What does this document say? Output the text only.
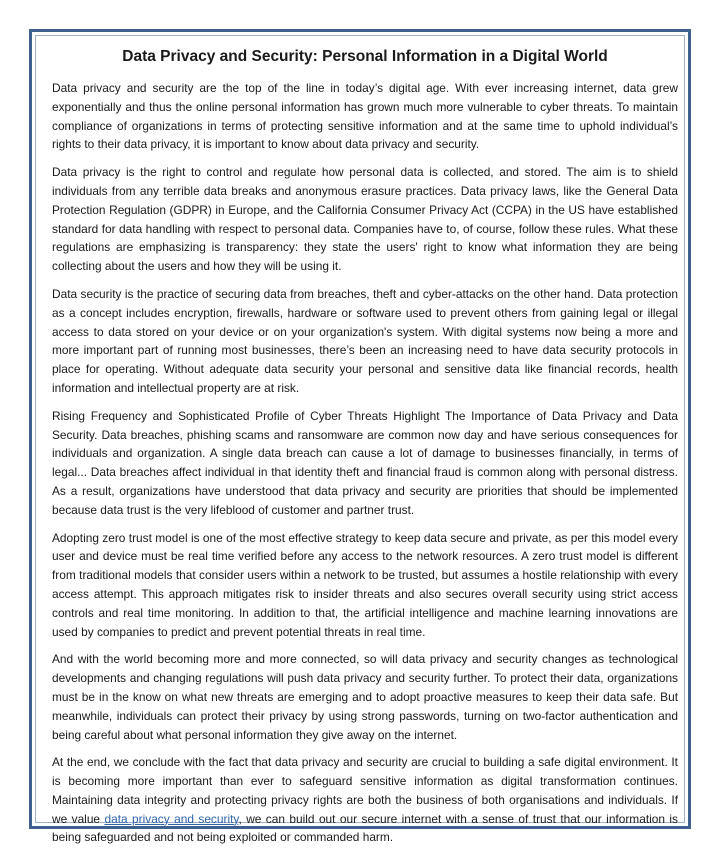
Data Privacy and Security: Personal Information in a Digital World

Data privacy and security are the top of the line in today’s digital age. With ever increasing internet, data grew exponentially and thus the online personal information has grown much more vulnerable to cyber threats. To maintain compliance of organizations in terms of protecting sensitive information and at the same time to uphold individual’s rights to their data privacy, it is important to know about data privacy and security.

Data privacy is the right to control and regulate how personal data is collected, and stored. The aim is to shield individuals from any terrible data breaks and anonymous erasure practices. Data privacy laws, like the General Data Protection Regulation (GDPR) in Europe, and the California Consumer Privacy Act (CCPA) in the US have established standard for data handling with respect to personal data. Companies have to, of course, follow these rules. What these regulations are emphasizing is transparency: they state the users' right to know what information they are being collecting about the users and how they will be using it.

Data security is the practice of securing data from breaches, theft and cyber-attacks on the other hand. Data protection as a concept includes encryption, firewalls, hardware or software used to prevent others from gaining legal or illegal access to data stored on your device or on your organization's system. With digital systems now being a more and more important part of running most businesses, there’s been an increasing need to have data security protocols in place for operating. Without adequate data security your personal and sensitive data like financial records, health information and intellectual property are at risk.

Rising Frequency and Sophisticated Profile of Cyber Threats Highlight The Importance of Data Privacy and Data Security. Data breaches, phishing scams and ransomware are common now day and have serious consequences for individuals and organization. A single data breach can cause a lot of damage to businesses financially, in terms of legal... Data breaches affect individual in that identity theft and financial fraud is common along with personal distress. As a result, organizations have understood that data privacy and security are priorities that should be implemented because data trust is the very lifeblood of customer and partner trust.

Adopting zero trust model is one of the most effective strategy to keep data secure and private, as per this model every user and device must be real time verified before any access to the network resources. A zero trust model is different from traditional models that consider users within a network to be trusted, but assumes a hostile relationship with every access attempt. This approach mitigates risk to insider threats and also secures overall security using strict access controls and real time monitoring. In addition to that, the artificial intelligence and machine learning innovations are used by companies to predict and prevent potential threats in real time.

And with the world becoming more and more connected, so will data privacy and security changes as technological developments and changing regulations will push data privacy and security further. To protect their data, organizations must be in the know on what new threats are emerging and to adopt proactive measures to keep their data safe. But meanwhile, individuals can protect their privacy by using strong passwords, turning on two-factor authentication and being careful about what personal information they give away on the internet.

At the end, we conclude with the fact that data privacy and security are crucial to building a safe digital environment. It is becoming more important than ever to safeguard sensitive information as digital transformation continues. Maintaining data integrity and protecting privacy rights are both the business of both organisations and individuals. If we value data privacy and security, we can build out our secure internet with a sense of trust that our information is being safeguarded and not being exploited or commanded harm.
